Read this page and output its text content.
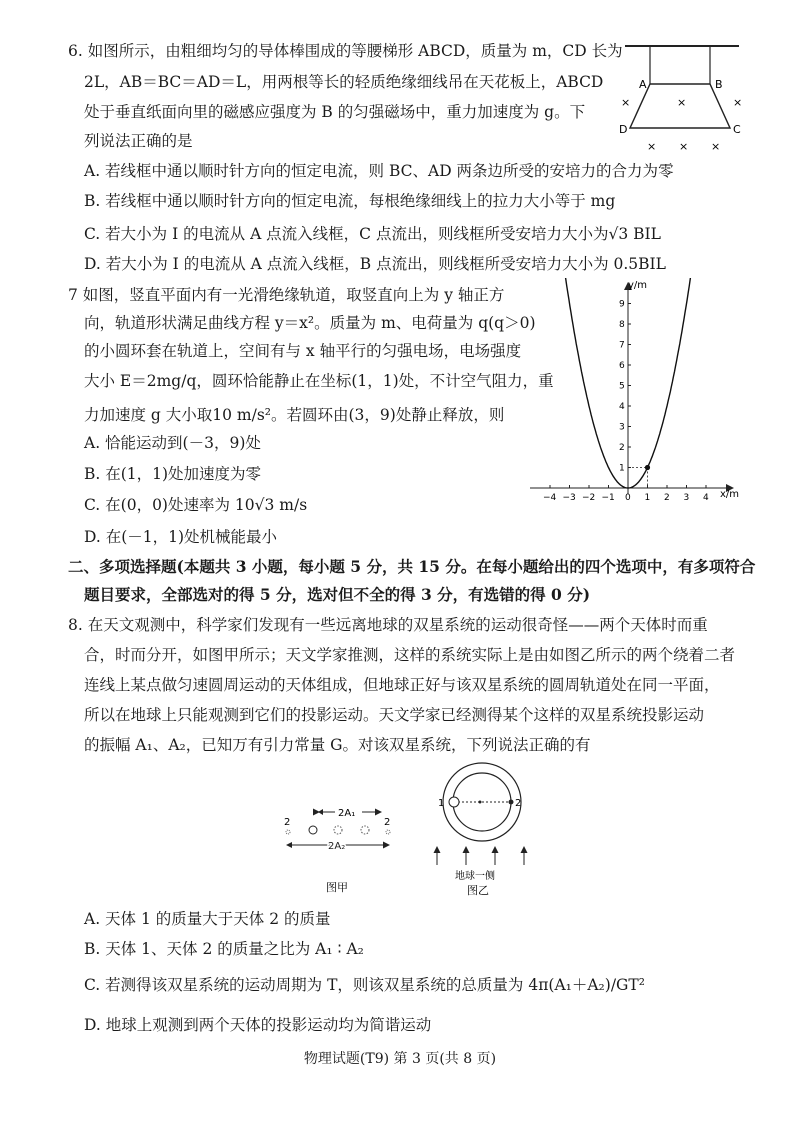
6. 如图所示，由粗细均匀的导体棒围成的等腰梯形 ABCD，质量为 m，CD 长为
2L，AB＝BC＝AD＝L，用两根等长的轻质绝缘细线吊在天花板上，ABCD
处于垂直纸面向里的磁感应强度为 B 的匀强磁场中，重力加速度为 g。下
列说法正确的是
A. 若线框中通以顺时针方向的恒定电流，则 BC、AD 两条边所受的安培力的合力为零
B. 若线框中通以顺时针方向的恒定电流，每根绝缘细线上的拉力大小等于 mg
C. 若大小为 I 的电流从 A 点流入线框，C 点流出，则线框所受安培力大小为√3 BIL
D. 若大小为 I 的电流从 A 点流入线框，B 点流出，则线框所受安培力大小为 0.5BIL
A	B
C
D
×	×	×
× × ×
7 如图，竖直平面内有一光滑绝缘轨道，取竖直向上为 y 轴正方
向，轨道形状满足曲线方程 y＝x²。质量为 m、电荷量为 q(q＞0)
的小圆环套在轨道上，空间有与 x 轴平行的匀强电场，电场强度
大小 E＝2mg/q，圆环恰能静止在坐标(1，1)处，不计空气阻力，重
力加速度 g 大小取10 m/s²。若圆环由(3，9)处静止释放，则
A. 恰能运动到(－3，9)处
B. 在(1，1)处加速度为零
C. 在(0，0)处速率为 10√3 m/s
D. 在(－1，1)处机械能最小
−4 −3 −2 −1 0 1 2 3 4
1
2
3
4
5
6
7
8
9
y/m
x/m
二、多项选择题(本题共 3 小题，每小题 5 分，共 15 分。在每小题给出的四个选项中，有多项符合
题目要求，全部选对的得 5 分，选对但不全的得 3 分，有选错的得 0 分)
8. 在天文观测中，科学家们发现有一些远离地球的双星系统的运动很奇怪——两个天体时而重
合，时而分开，如图甲所示；天文学家推测，这样的系统实际上是由如图乙所示的两个绕着二者
连线上某点做匀速圆周运动的天体组成，但地球正好与该双星系统的圆周轨道处在同一平面，
所以在地球上只能观测到它们的投影运动。天文学家已经测得某个这样的双星系统投影运动
的振幅 A₁、A₂，已知万有引力常量 G。对该双星系统，下列说法正确的有
2A₁
2	2
2A₂
图甲
1	2
地球一侧
图乙
A. 天体 1 的质量大于天体 2 的质量
B. 天体 1、天体 2 的质量之比为 A₁ ∶ A₂
C. 若测得该双星系统的运动周期为 T，则该双星系统的总质量为 4π(A₁＋A₂)/GT²
D. 地球上观测到两个天体的投影运动均为简谐运动
物理试题(T9) 第 3 页(共 8 页)
